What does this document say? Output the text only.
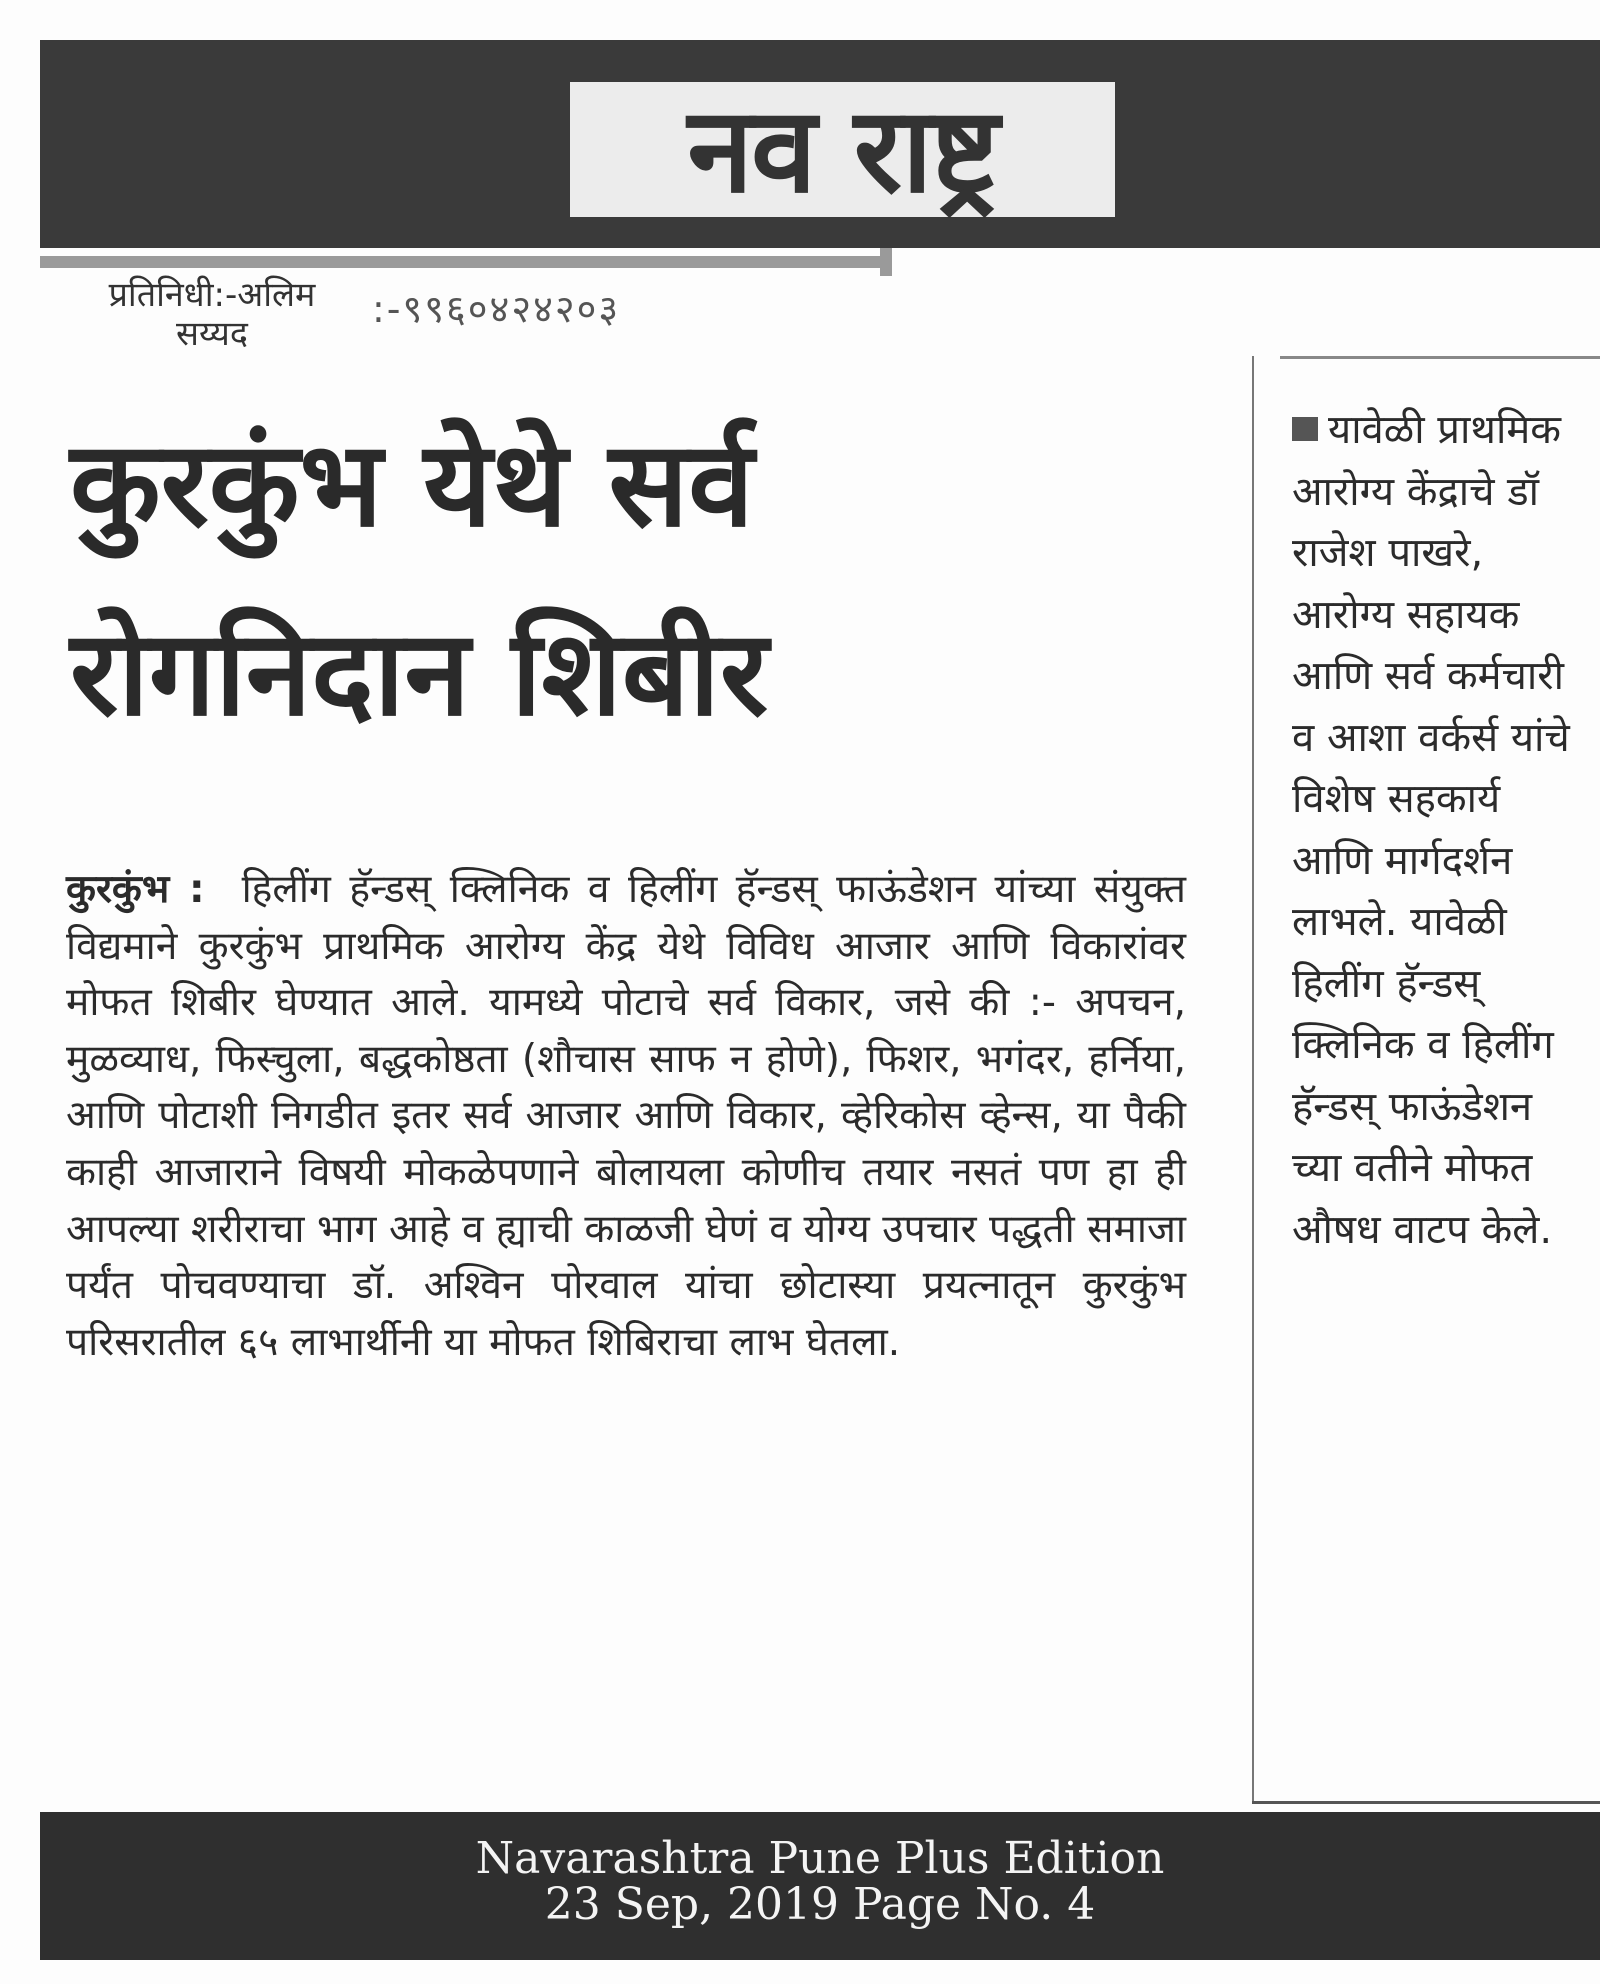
नव राष्ट्र
प्रतिनिधी:-अलिम
सय्यद
:-९९६०४२४२०३
कुरकुंभ येथे सर्व
रोगनिदान शिबीर
कुरकुंभ : हिलींग हॅन्डस् क्लिनिक व हिलींग हॅन्डस् फाऊंडेशन यांच्या संयुक्त विद्यमाने कुरकुंभ प्राथमिक आरोग्य केंद्र येथे विविध आजार आणि विकारांवर मोफत शिबीर घेण्यात आले. यामध्ये पोटाचे सर्व विकार, जसे की :- अपचन, मुळव्याध, फिस्चुला, बद्धकोष्ठता (शौचास साफ न होणे), फिशर, भगंदर, हर्निया, आणि पोटाशी निगडीत इतर सर्व आजार आणि विकार, व्हेरिकोस व्हेन्स, या पैकी काही आजाराने विषयी मोकळेपणाने बोलायला कोणीच तयार नसतं पण हा ही आपल्या शरीराचा भाग आहे व ह्याची काळजी घेणं व योग्य उपचार पद्धती समाजा पर्यंत पोचवण्याचा डॉ. अश्विन पोरवाल यांचा छोटास्या प्रयत्नातून कुरकुंभ परिसरातील ६५ लाभार्थीनी या मोफत शिबिराचा लाभ घेतला.
यावेळी प्राथमिक आरोग्य केंद्राचे डॉ राजेश पाखरे, आरोग्य सहायक आणि सर्व कर्मचारी व आशा वर्कर्स यांचे विशेष सहकार्य आणि मार्गदर्शन लाभले. यावेळी हिलींग हॅन्डस् क्लिनिक व हिलींग हॅन्डस् फाऊंडेशन च्या वतीने मोफत औषध वाटप केले.
Navarashtra Pune Plus Edition
23 Sep, 2019 Page No. 4
